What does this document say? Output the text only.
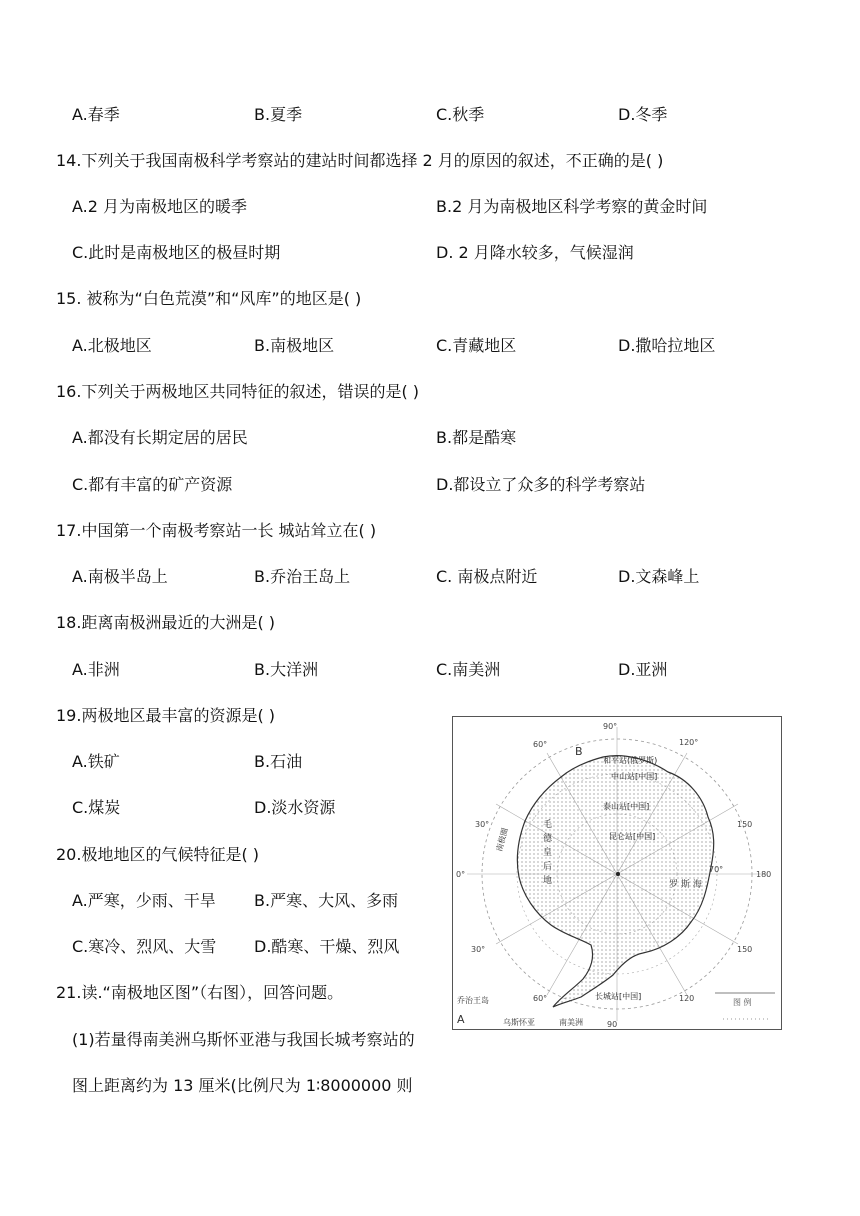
A.春季	B.夏季	C.秋季	D.冬季
14.下列关于我国南极科学考察站的建站时间都选择 2 月的原因的叙述，不正确的是( )
A.2 月为南极地区的暖季	B.2 月为南极地区科学考察的黄金时间
C.此时是南极地区的极昼时期	D. 2 月降水较多，气候湿润
15. 被称为“白色荒漠”和“风库”的地区是( )
A.北极地区	B.南极地区	C.青藏地区	D.撒哈拉地区
16.下列关于两极地区共同特征的叙述，错误的是( )
A.都没有长期定居的居民	B.都是酷寒
C.都有丰富的矿产资源	D.都设立了众多的科学考察站
17.中国第一个南极考察站一长 城站耸立在( )
A.南极半岛上	B.乔治王岛上	C. 南极点附近	D.文森峰上
18.距离南极洲最近的大洲是( )
A.非洲	B.大洋洲	C.南美洲	D.亚洲
19.两极地区最丰富的资源是( )
A.铁矿	B.石油
C.煤炭	D.淡水资源
20.极地地区的气候特征是( )
A.严寒，少雨、干旱 B.严寒、大风、多雨
C.寒冷、烈风、大雪 D.酷寒、干燥、烈风
21.读.“南极地区图”（右图），回答问题。
(1)若量得南美洲乌斯怀亚港与我国长城考察站的
图上距离约为 13 厘米(比例尺为 1∶8000000 则
90°
120°
60°
B
150
30°
0°	180
70°
30°	150
120
60°
90
A
和平站(俄罗斯)
中山站[中国]
泰山站[中国]
昆仑站[中国]
长城站[中国]
毛
德
皇
后
地
南极圈
罗 斯 海
乔治王岛
乌斯怀亚	南美洲
图 例
